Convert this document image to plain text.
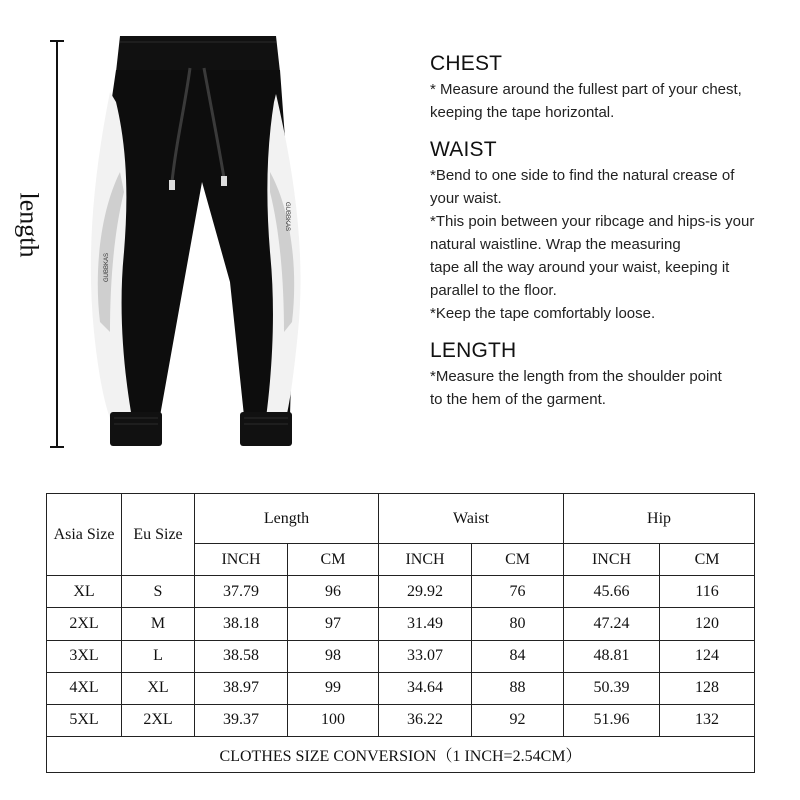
length
GUBBKAS
GUBBKAS
CHEST

* Measure around the fullest part of your chest,

keeping the tape horizontal.

WAIST

*Bend to one side to find the natural crease of

your waist.

*This poin between your ribcage and hips-is your

natural waistline. Wrap the measuring

tape all the way around your waist, keeping it

parallel to the floor.

*Keep the tape comfortably loose.

LENGTH

*Measure the length from the shoulder point

to the hem of the garment.

Asia Size	Eu Size	Length		Waist		Hip	
		INCH	CM	INCH	CM	INCH	CM
XL	S	37.79	96	29.92	76	45.66	116
2XL	M	38.18	97	31.49	80	47.24	120
3XL	L	38.58	98	33.07	84	48.81	124
4XL	XL	38.97	99	34.64	88	50.39	128
5XL	2XL	39.37	100	36.22	92	51.96	132
CLOTHES SIZE CONVERSION（1 INCH=2.54CM）							
